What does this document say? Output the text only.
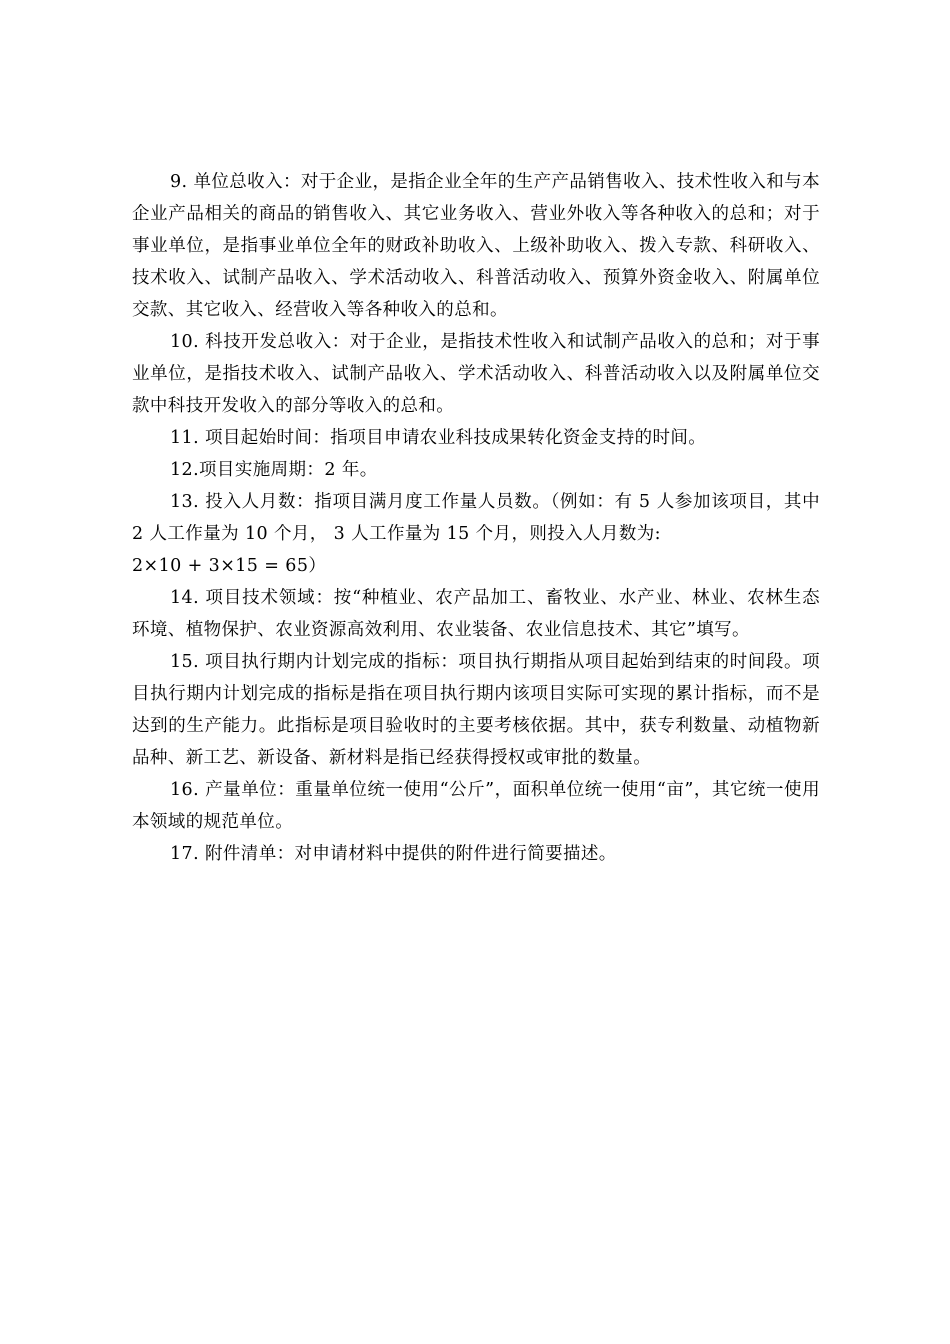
9. 单位总收入：对于企业，是指企业全年的生产产品销售收入、技术性收入和与本企业产品相关的商品的销售收入、其它业务收入、营业外收入等各种收入的总和；对于事业单位，是指事业单位全年的财政补助收入、上级补助收入、拨入专款、科研收入、技术收入、试制产品收入、学术活动收入、科普活动收入、预算外资金收入、附属单位交款、其它收入、经营收入等各种收入的总和。

10. 科技开发总收入：对于企业，是指技术性收入和试制产品收入的总和；对于事业单位，是指技术收入、试制产品收入、学术活动收入、科普活动收入以及附属单位交款中科技开发收入的部分等收入的总和。

11. 项目起始时间：指项目申请农业科技成果转化资金支持的时间。

12.项目实施周期：2 年。

13. 投入人月数：指项目满月度工作量人员数。（例如：有 5 人参加该项目，其中 2 人工作量为 10 个月， 3 人工作量为 15 个月，则投入人月数为:

2×10 + 3×15 = 65）

14. 项目技术领域：按“种植业、农产品加工、畜牧业、水产业、林业、农林生态环境、植物保护、农业资源高效利用、农业装备、农业信息技术、其它”填写。

15. 项目执行期内计划完成的指标：项目执行期指从项目起始到结束的时间段。项目执行期内计划完成的指标是指在项目执行期内该项目实际可实现的累计指标，而不是达到的生产能力。此指标是项目验收时的主要考核依据。其中，获专利数量、动植物新品种、新工艺、新设备、新材料是指已经获得授权或审批的数量。

16. 产量单位：重量单位统一使用“公斤”，面积单位统一使用“亩”，其它统一使用本领域的规范单位。

17. 附件清单：对申请材料中提供的附件进行简要描述。
